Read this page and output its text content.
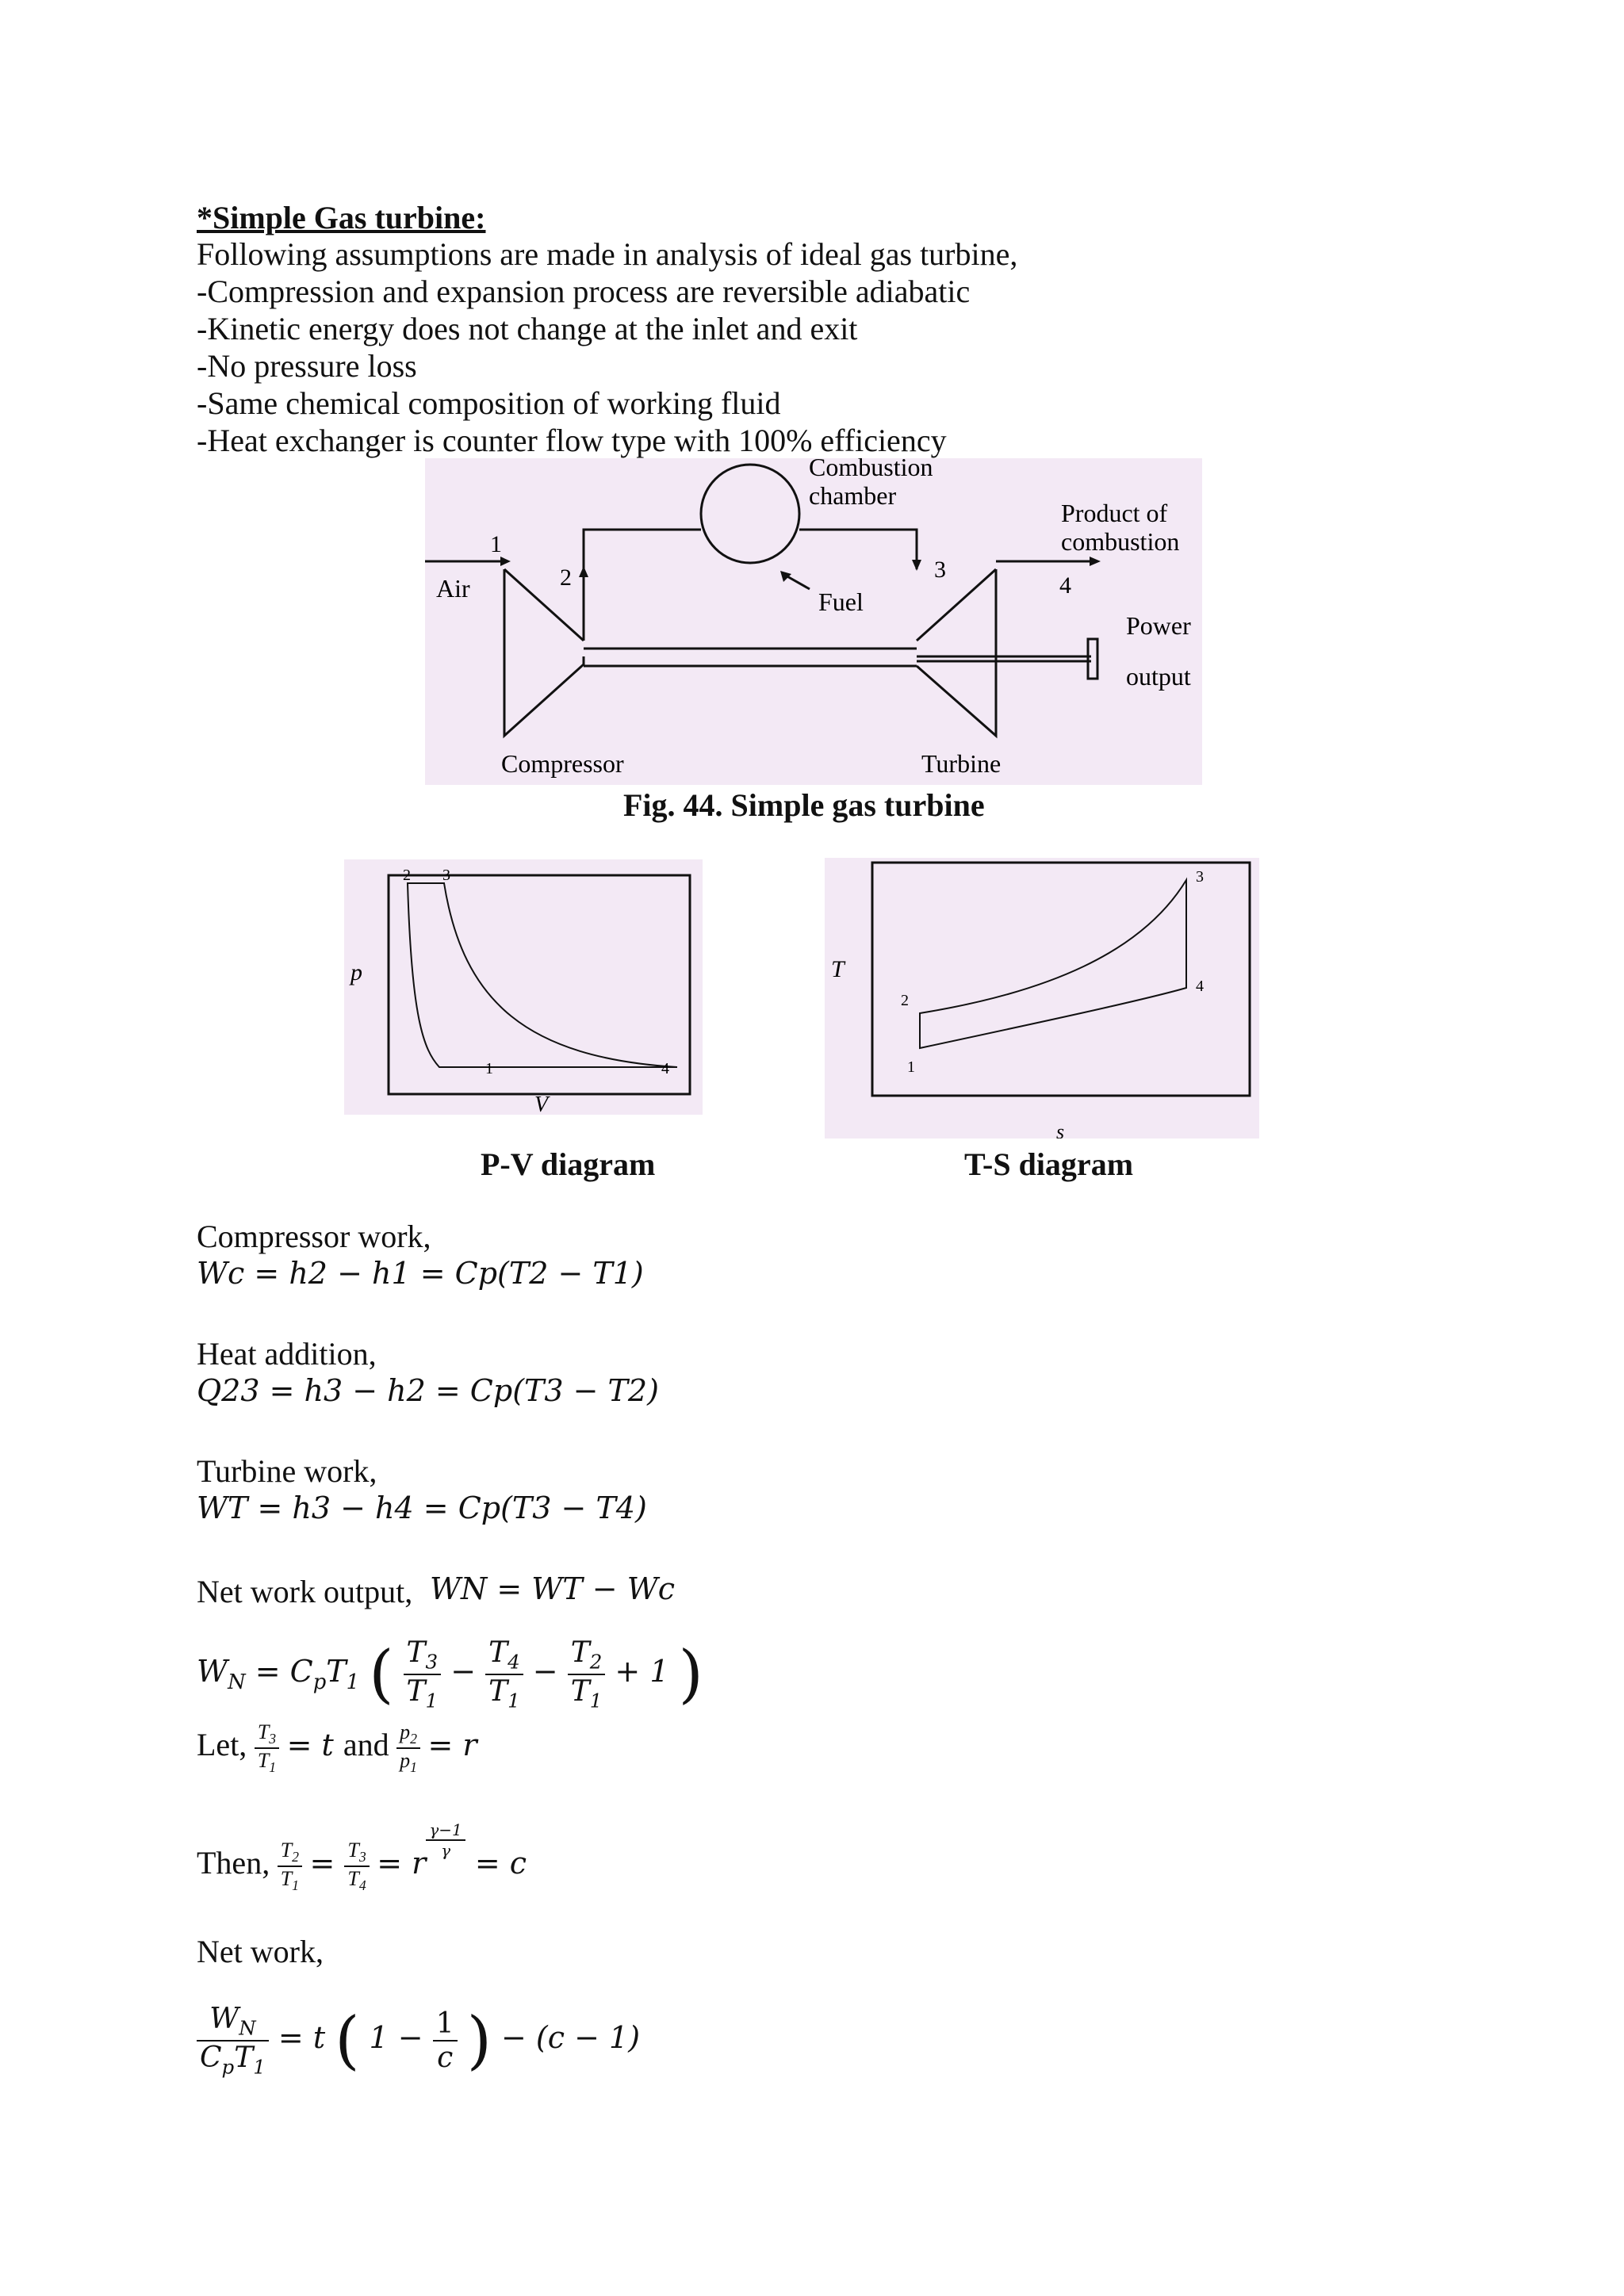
*Simple Gas turbine:
Following assumptions are made in analysis of ideal gas turbine,
-Compression and expansion process are reversible adiabatic
-Kinetic energy does not change at the inlet and exit
-No pressure loss
-Same chemical composition of working fluid
-Heat exchanger is counter flow type with 100% efficiency
Combustion
chamber
Product of
combustion
Air	Fuel
Power
output
Compressor	Turbine
1
2	3
4
Fig. 44. Simple gas turbine
p
V
2 3
1	4
P-V diagram
T
s
1
2
3
4
T-S diagram
Compressor work,
Wc = h2 − h1 = Cp(T2 − T1)
Heat addition,
Q23 = h3 − h2 = Cp(T3 − T2)
Turbine work,
WT = h3 − h4 = Cp(T3 − T4)
Net work output, WN = WT − Wc
$W_N = C_pT_1$ ( $\frac{T_3}{T_1} - \frac{T_4}{T_1} - \frac{T_2}{T_1} + 1$ )
Let, $\frac{T_3}{T_1} = t$ and $\frac{p_2}{p_1} = r$
Then, $\frac{T_2}{T_1} = \frac{T_3}{T_4} = r$
$\frac{\gamma-1}{\gamma}$
= c
Net work,
$\frac{W_N}{C_pT_1} = t$ ( $1 - \frac{1}{c}$ ) − (c − 1)
